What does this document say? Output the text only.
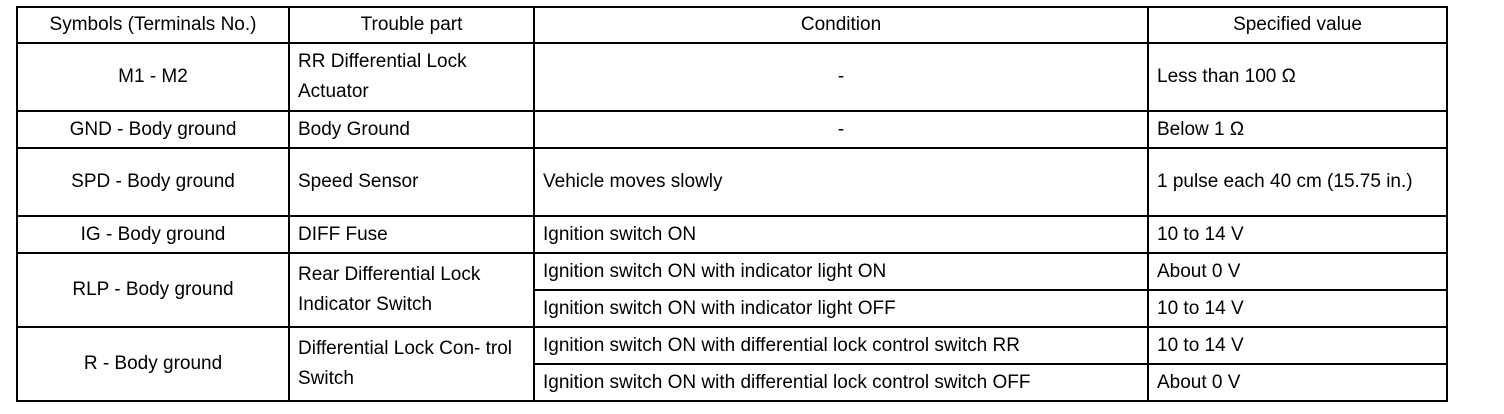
Symbols (Terminals No.)	Trouble part	Condition	Specified value
M1 - M2	RR Differential Lock Actuator	-	Less than 100 Ω
GND - Body ground	Body Ground	-	Below 1 Ω
SPD - Body ground	Speed Sensor	Vehicle moves slowly	1 pulse each 40 cm (15.75 in.)
IG - Body ground	DIFF Fuse	Ignition switch ON	10 to 14 V
RLP - Body ground	Rear Differential Lock Indicator Switch	Ignition switch ON with indicator light ON	About 0 V
		Ignition switch ON with indicator light OFF	10 to 14 V
R - Body ground	Differential Lock Con- trol Switch	Ignition switch ON with differential lock control switch RR	10 to 14 V
		Ignition switch ON with differential lock control switch OFF	About 0 V
